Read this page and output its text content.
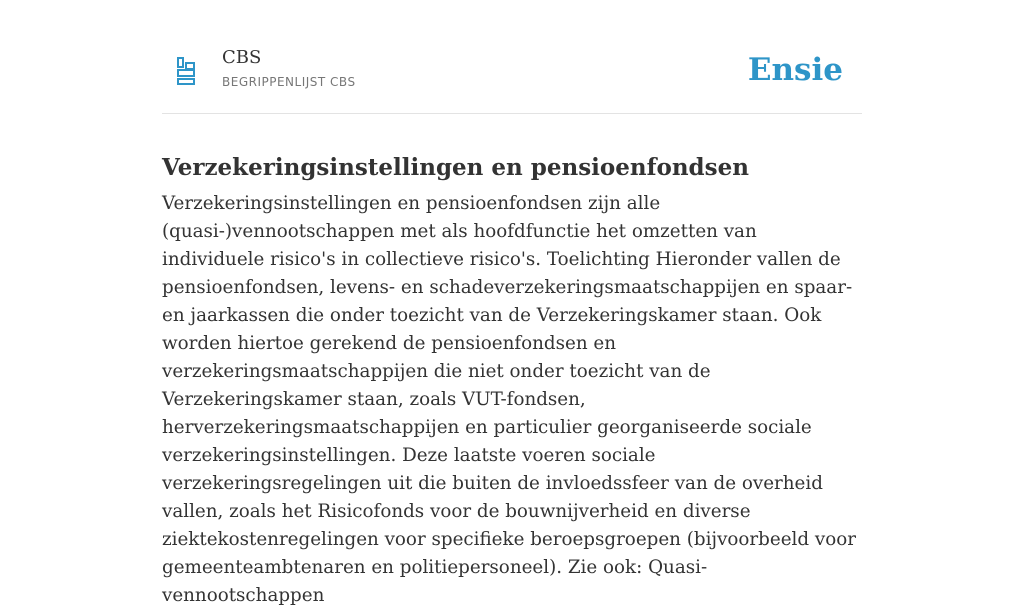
CBS
BEGRIPPENLIJST CBS	Ensie
Verzekeringsinstellingen en pensioenfondsen

Verzekeringsinstellingen en pensioenfondsen zijn alle (quasi-)vennootschappen met als hoofdfunctie het omzetten van individuele risico's in collectieve risico's. Toelichting Hieronder vallen de pensioenfondsen, levens- en schadeverzekeringsmaatschappijen en spaar- en jaarkassen die onder toezicht van de Verzekeringskamer staan. Ook worden hiertoe gerekend de pensioenfondsen en verzekeringsmaatschappijen die niet onder toezicht van de Verzekeringskamer staan, zoals VUT-fondsen, herverzekeringsmaatschappijen en particulier georganiseerde sociale verzekeringsinstellingen. Deze laatste voeren sociale verzekeringsregelingen uit die buiten de invloedssfeer van de overheid vallen, zoals het Risicofonds voor de bouwnijverheid en diverse ziektekostenregelingen voor specifieke beroepsgroepen (bijvoorbeeld voor gemeenteambtenaren en politiepersoneel). Zie ook: Quasi-vennootschappen
